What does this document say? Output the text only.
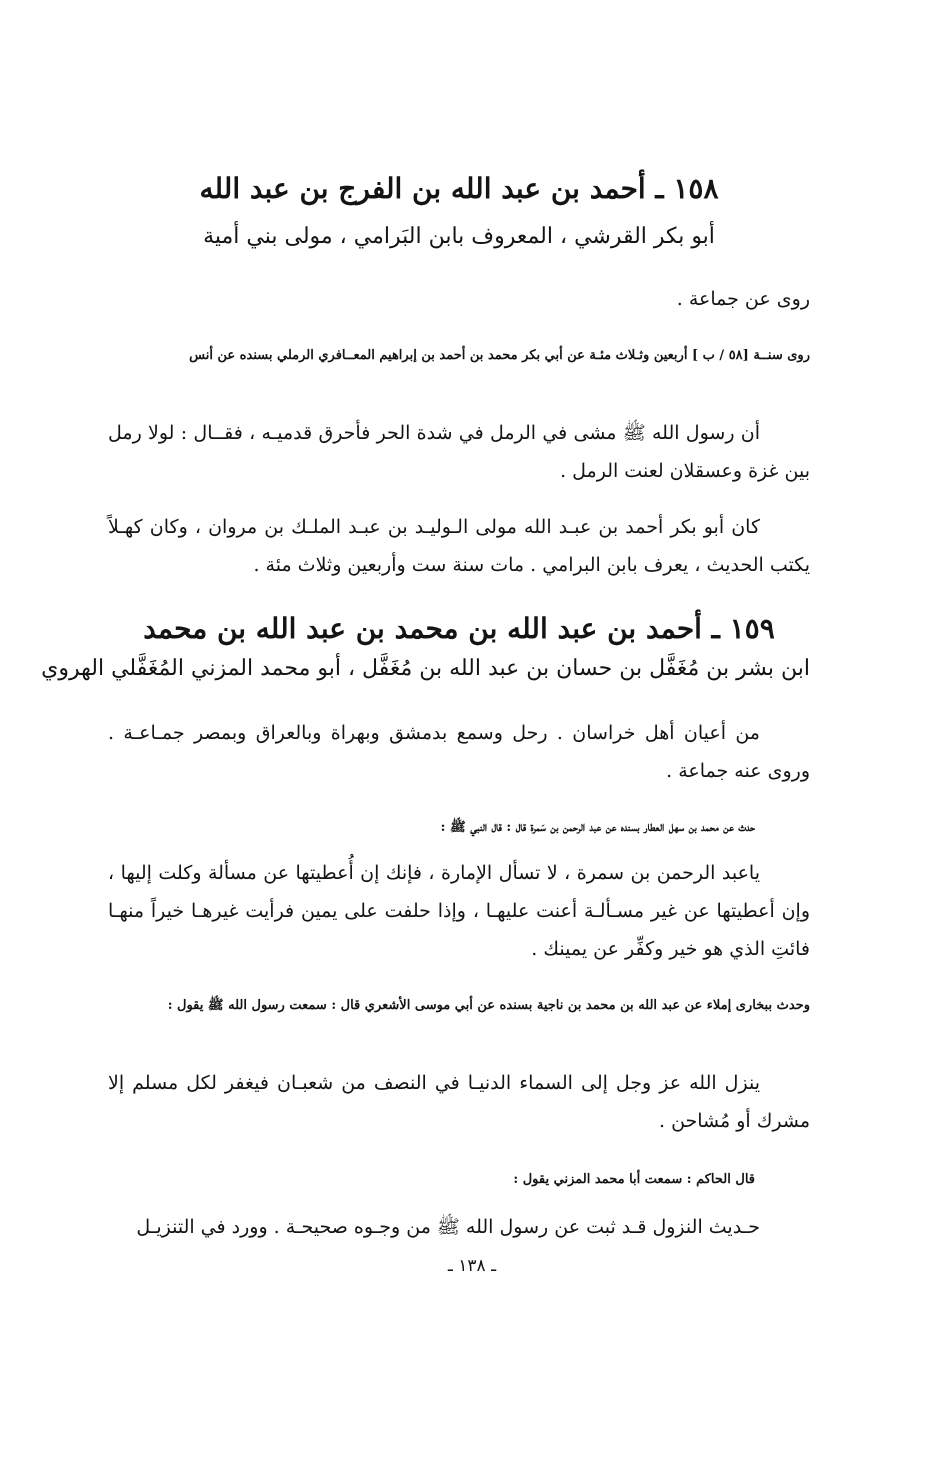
١٥٨ ـ أحمد بن عبد الله بن الفرج بن عبد الله
أبو بكر القرشي ، المعروف بابن البَرامي ، مولى بني أمية
روى عن جماعة .
روى سنــة [٥٨ / ب ] أربعين وثـلاث مئـة عن أبي بكر محمد بن أحمد بن إبراهيم المعــافري الرملي بسنده عن أنس
أن رسول الله ﷺ مشى في الرمل في شدة الحر فأحرق قدميـه ، فقــال : لولا رمل بين غزة وعسقلان لعنت الرمل .
كان أبو بكر أحمد بن عبـد الله مولى الـوليـد بن عبـد الملـك بن مروان ، وكان كهـلاً يكتب الحديث ، يعرف بابن البرامي . مات سنة ست وأربعين وثلاث مئة .
١٥٩ ـ أحمد بن عبد الله بن محمد بن عبد الله بن محمد
ابن بشر بن مُغَفَّل بن حسان بن عبد الله بن مُغَفَّل ، أبو محمد المزني المُغَفَّلي الهروي
من أعيان أهل خراسان . رحل وسمع بدمشق وبهراة وبالعراق وبمصر جمـاعـة . وروى عنه جماعة .
حدث عن محمد بن سهل العطار بسنده عن عبد الرحمن بن سَمرة قال : قال النبي ﷺ :
ياعبد الرحمن بن سمرة ، لا تسأل الإمارة ، فإنك إن أُعطيتها عن مسألة وكلت إليها ، وإن أعطيتها عن غير مسـألـة أعنت عليهـا ، وإذا حلفت على يمين فرأيت غيرهـا خيراً منهـا فائتِ الذي هو خير وكفِّر عن يمينك .
وحدث ببخارى إملاء عن عبد الله بن محمد بن ناجية بسنده عن أبي موسى الأشعري قال : سمعت رسول الله ﷺ يقول :
ينزل الله عز وجل إلى السماء الدنيـا في النصف من شعبـان فيغفر لكل مسلم إلا مشرك أو مُشاحن .
قال الحاكم : سمعت أبا محمد المزني يقول :
حـديث النزول قـد ثبت عن رسول الله ﷺ من وجـوه صحيحـة . وورد في التنزيـل
ـ ١٣٨ ـ
